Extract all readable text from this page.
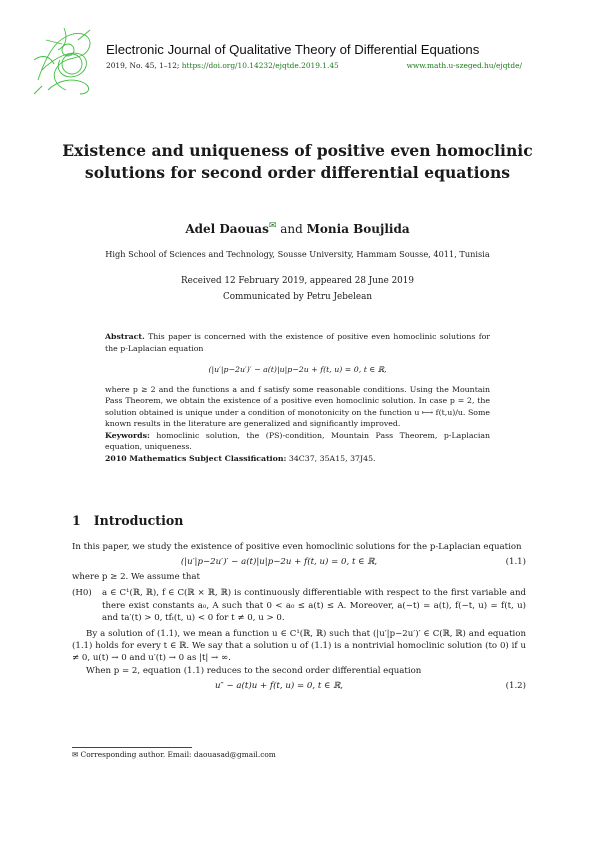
Electronic Journal of Qualitative Theory of Differential Equations
2019, No. 45, 1–12; https://doi.org/10.14232/ejqtde.2019.1.45	www.math.u-szeged.hu/ejqtde/
Existence and uniqueness of positive even homoclinic
solutions for second order differential equations
Adel Daouas✉ and Monia Boujlida
High School of Sciences and Technology, Sousse University, Hammam Sousse, 4011, Tunisia
Received 12 February 2019, appeared 28 June 2019
Communicated by Petru Jebelean

Abstract. This paper is concerned with the existence of positive even homoclinic solutions for the p-Laplacian equation

(|u′|p−2u′)′ − a(t)|u|p−2u + f(t, u) = 0, t ∈ ℝ,

where p ≥ 2 and the functions a and f satisfy some reasonable conditions. Using the Mountain Pass Theorem, we obtain the existence of a positive even homoclinic solution. In case p = 2, the solution obtained is unique under a condition of monotonicity on the function u ⟼ f(t,u)/u. Some known results in the literature are generalized and significantly improved.

Keywords: homoclinic solution, the (PS)-condition, Mountain Pass Theorem, p-Laplacian equation, uniqueness.

2010 Mathematics Subject Classification: 34C37, 35A15, 37J45.

1 Introduction

In this paper, we study the existence of positive even homoclinic solutions for the p-Laplacian equation

(|u′|p−2u′)′ − a(t)|u|p−2u + f(t, u) = 0, t ∈ ℝ,	(1.1)

where p ≥ 2. We assume that

(H0)	a ∈ C¹(ℝ, ℝ), f ∈ C(ℝ × ℝ, ℝ) is continuously differentiable with respect to the first variable and there exist constants a₀, A such that 0 < a₀ ≤ a(t) ≤ A. Moreover, a(−t) = a(t), f(−t, u) = f(t, u) and ta′(t) > 0, tfₜ(t, u) < 0 for t ≠ 0, u > 0.

By a solution of (1.1), we mean a function u ∈ C¹(ℝ, ℝ) such that (|u′|p−2u′)′ ∈ C(ℝ, ℝ) and equation (1.1) holds for every t ∈ ℝ. We say that a solution u of (1.1) is a nontrivial homoclinic solution (to 0) if u ≠ 0, u(t) → 0 and u′(t) → 0 as |t| → ∞.

When p = 2, equation (1.1) reduces to the second order differential equation

u″ − a(t)u + f(t, u) = 0, t ∈ ℝ,	(1.2)
✉ Corresponding author. Email: daouasad@gmail.com
